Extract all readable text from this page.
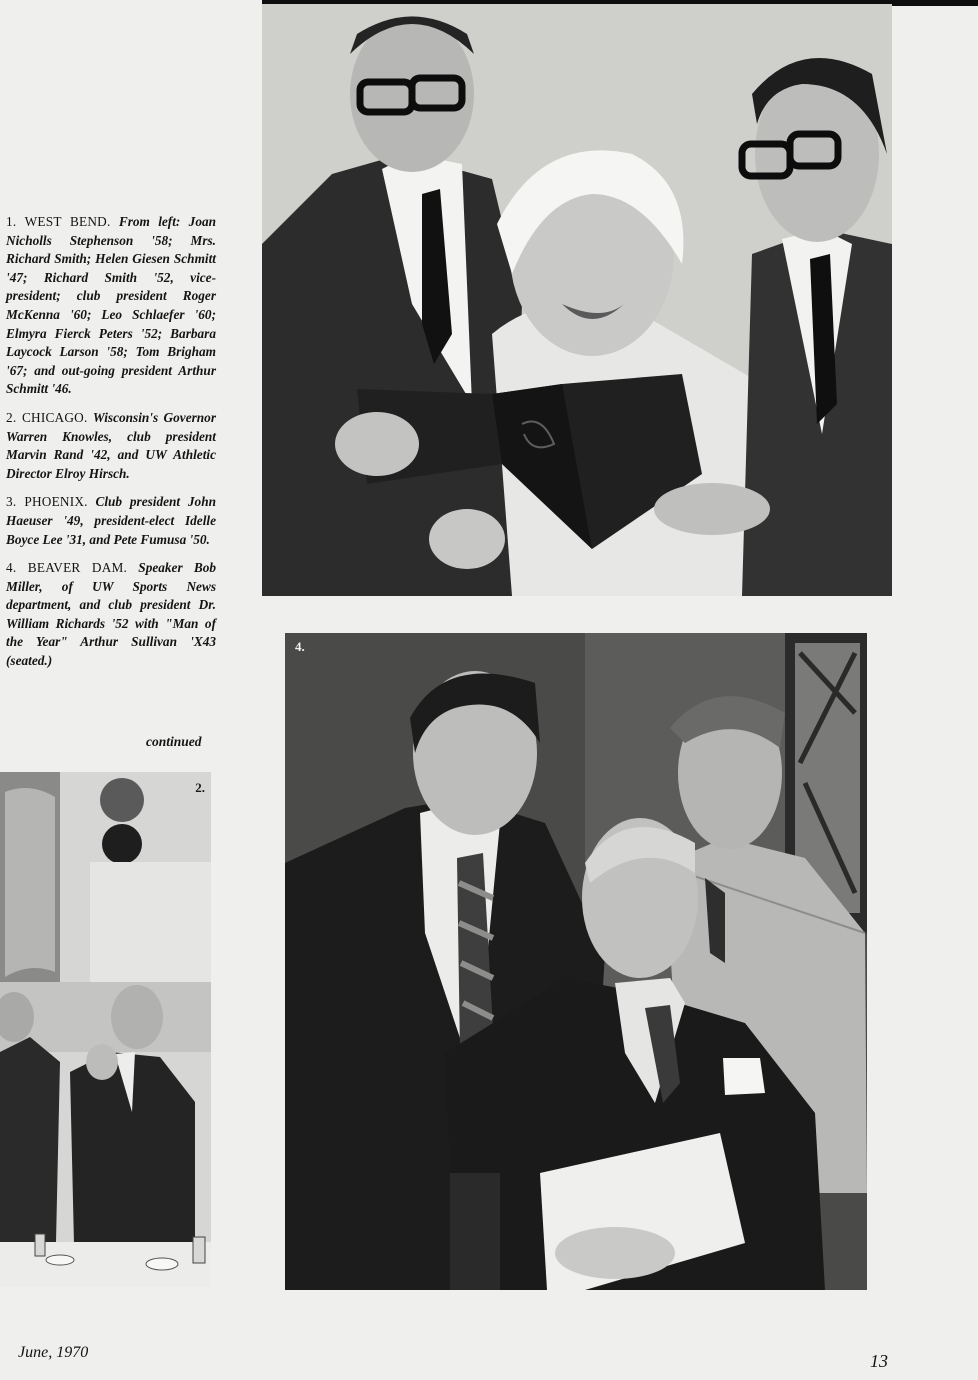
1. WEST BEND. From left: Joan Nicholls Stephenson '58; Mrs. Richard Smith; Helen Giesen Schmitt '47; Richard Smith '52, vice-president; club president Roger McKenna '60; Leo Schlaefer '60; Elmyra Fierck Peters '52; Barbara Laycock Larson '58; Tom Brigham '67; and out-going president Arthur Schmitt '46.

2. CHICAGO. Wisconsin's Governor Warren Knowles, club president Marvin Rand '42, and UW Athletic Director Elroy Hirsch.

3. PHOENIX. Club president John Haeuser '49, president-elect Idelle Boyce Lee '31, and Pete Fumusa '50.

4. BEAVER DAM. Speaker Bob Miller, of UW Sports News department, and club president Dr. William Richards '52 with "Man of the Year" Arthur Sullivan 'X43 (seated.)

continued
2.
4.
June, 1970	13
